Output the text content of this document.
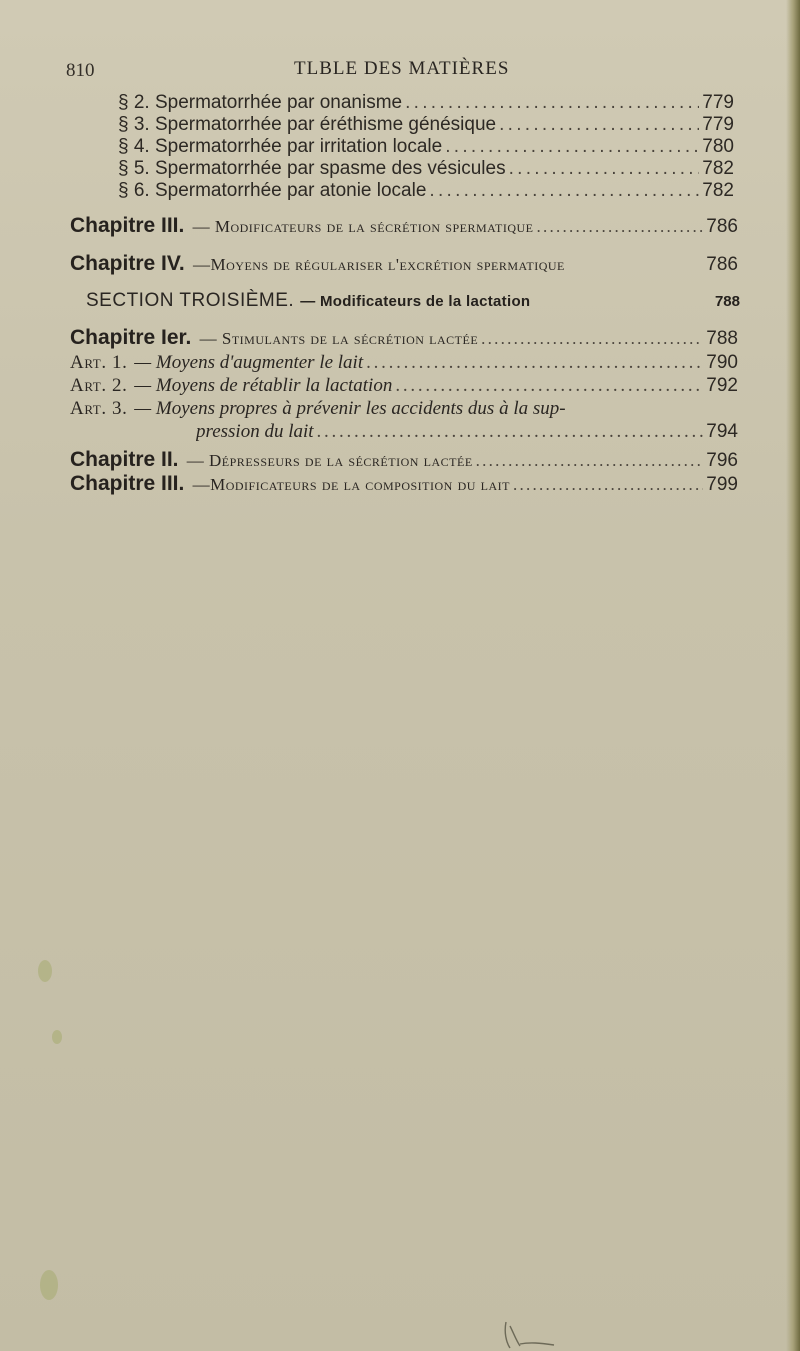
810	TLBLE DES MATIÈRES
§ 2. Spermatorrhée par onanisme . . .	779
§ 3. Spermatorrhée par éréthisme génésique . . .	779
§ 4. Spermatorrhée par irritation locale . . .	780
§ 5. Spermatorrhée par spasme des vésicules . . .	782
§ 6. Spermatorrhée par atonie locale . . .	782
Chapitre III. — Modificateurs de la sécrétion spermatique . . .	786
Chapitre IV. —Moyens de régulariser l'excrétion spermatique	786
SECTION TROISIÈME. — Modificateurs de la lactation	788
Chapitre Ier. — Stimulants de la sécrétion lactée . . .	788
Art. 1. — Moyens d'augmenter le lait . . .	790
Art. 2. — Moyens de rétablir la lactation . . .	792
Art. 3. — Moyens propres à prévenir les accidents dus à la sup-
pression du lait . . .	794
Chapitre II. — Dépresseurs de la sécrétion lactée . . .	796
Chapitre III. —Modificateurs de la composition du lait . . .	799
